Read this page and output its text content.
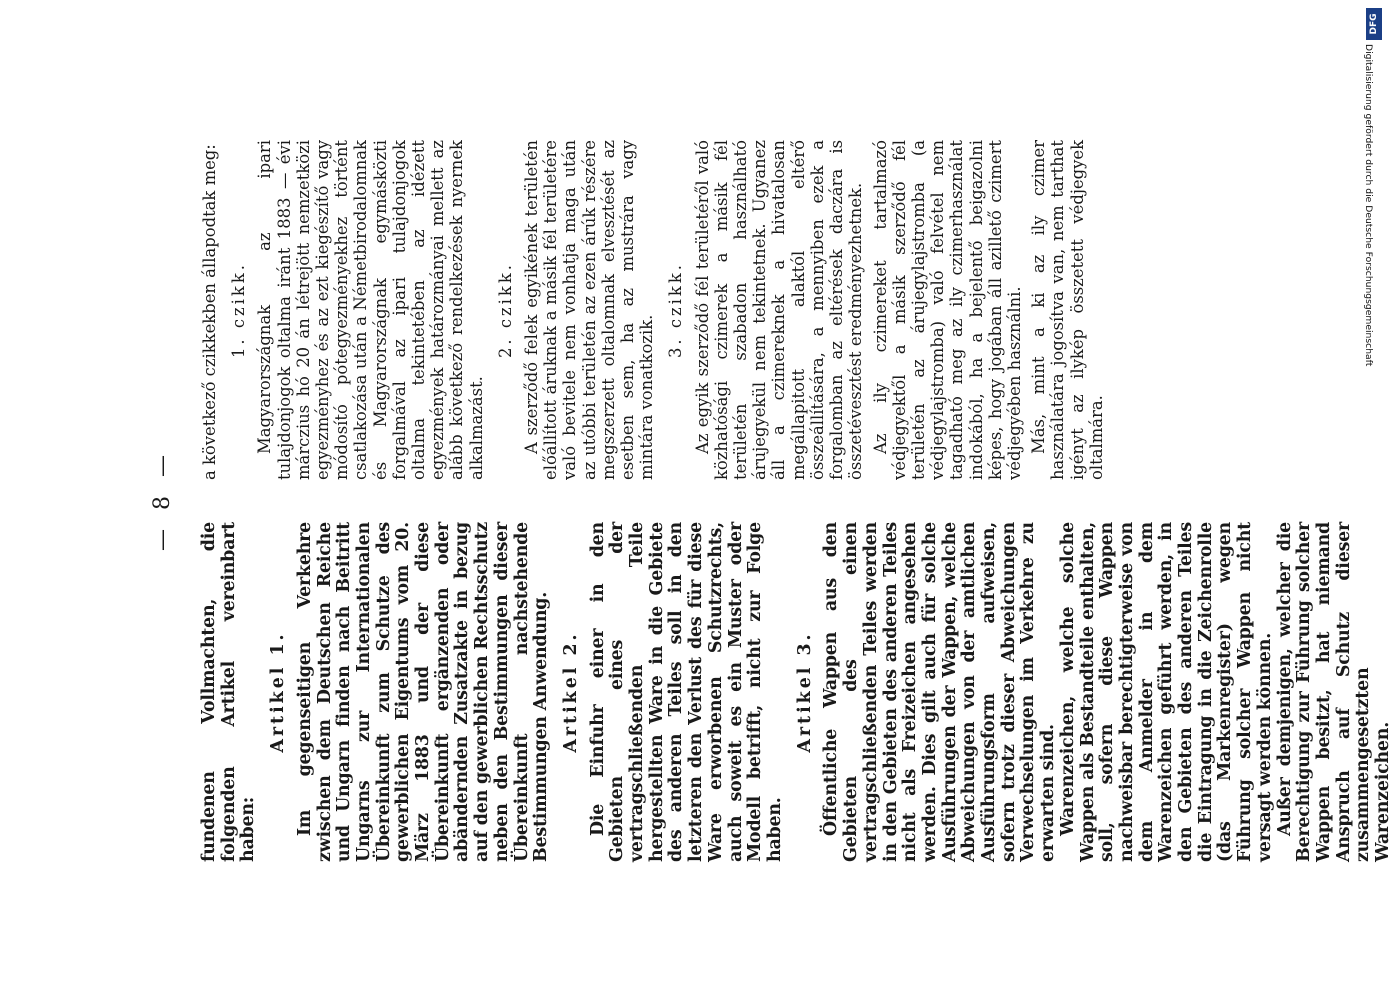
— 8 —

fundenen Vollmachten, die folgenden Artikel vereinbart haben:

Artikel 1. Im gegenseitigen Verkehre zwischen dem Deutschen Reiche und Ungarn finden nach Beitritt Ungarns zur Internationalen Übereinkunft zum Schutze des gewerblichen Eigentums vom 20. März 1883 und der diese Übereinkunft ergänzenden oder abändernden Zusatzakte in bezug auf den gewerblichen Rechtsschutz neben den Bestimmungen dieser Übereinkunft nachstehende Bestimmungen Anwendung. Artikel 2. Die Einfuhr einer in den Gebieten eines der vertragschließenden Teile hergestellten Ware in die Gebiete des anderen Teiles soll in den letzteren den Verlust des für diese Ware erworbenen Schutzrechts, auch soweit es ein Muster oder Modell betrifft, nicht zur Folge haben.

Artikel 3. Öffentliche Wappen aus den Gebieten des einen vertragschließenden Teiles werden in den Gebieten des anderen Teiles nicht als Freizeichen angesehen werden. Dies gilt auch für solche Ausführungen der Wappen, welche Abweichungen von der amtlichen Ausführungsform aufweisen, sofern trotz dieser Abweichungen Verwechselungen im Verkehre zu erwarten sind. Warenzeichen, welche solche Wappen als Bestandteile enthalten, soll, sofern diese Wappen nachweisbar berechtigterweise von dem Anmelder in dem Warenzeichen geführt werden, in den Gebieten des anderen Teiles die Eintragung in die Zeichenrolle (das Markenregister) wegen Führung solcher Wappen nicht versagt werden können. Außer demjenigen, welcher die Berechtigung zur Führung solcher Wappen besitzt, hat niemand Anspruch auf Schutz dieser zusammengesetzten Warenzeichen.

a következő czikkekben állapodtak meg: 1. czikk. Magyarországnak az ipari tulajdonjogok oltalma iránt 1883 — évi márczius hó 20 án létrejött nemzetközi egyezményhez és az ezt kiegészítő vagy módosító pótegyezményekhez történt csatlakozása után a Németbirodalomnak és Magyarországnak egymásközti forgalmával az ipari tulajdonjogok oltalma tekintetében az idézett egyezmények határozmányai mellett az alább következő rendelkezések nyernek alkalmazást.

2. czikk. A szerződő felek egyikének területén előállított áruknak a másik fél területére való bevitele nem vonhatja maga után az utóbbi területén az ezen árúk részére megszerzett oltalomnak elvesztését az esetben sem, ha az mustrára vagy mintára vonatkozik.

3. czikk. Az egyik szerződő fél területéről való közhatósági czimerek a másik fél területén szabadon használható árujegyekül nem tekintetnek. Ugyanez áll a czimereknek a hivatalosan megállapitott alaktól eltérő összeállítására, a mennyiben ezek a forgalomban az eltérések daczára is összetévesztést eredményezhetnek. Az ily czimereket tartalmazó védjegyektől a másik szerződő fél területén az árujegylajstromba (a védjegylajstromba) való felvétel nem tagadható meg az ily czimerhasználat indokából, ha a bejelentő beigazolni képes, hogy jogában áll azillető czimert védjegyében használni. Más, mint a ki az ily czimer használatára jogosítva van, nem tarthat igényt az ilykép összetett védjegyek oltalmára.

DFG
Digitalisierung gefördert durch die Deutsche Forschungsgemeinschaft
